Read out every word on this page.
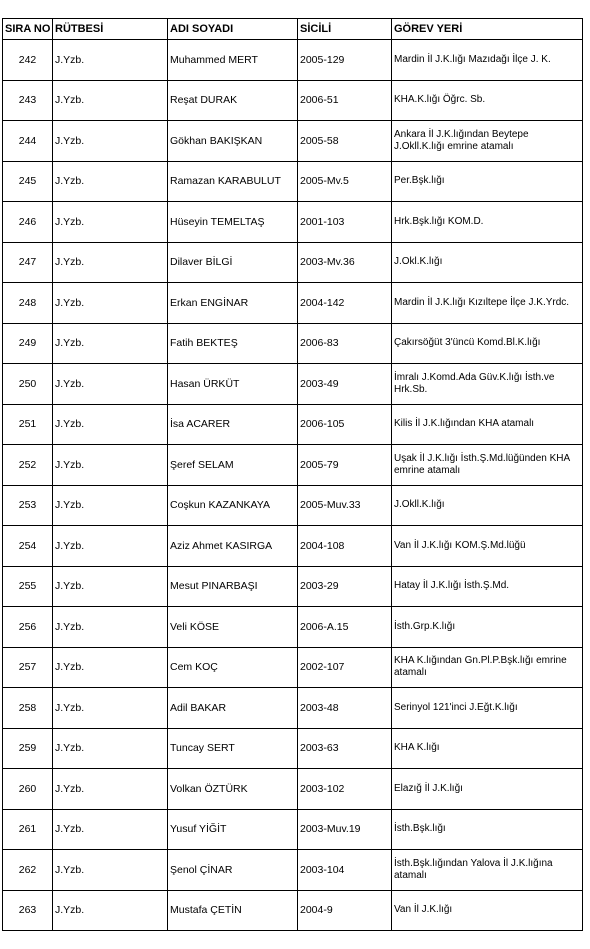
SIRA NO	RÜTBESİ	ADI SOYADI	SİCİLİ	GÖREV YERİ
242	J.Yzb.	Muhammed MERT	2005-129	Mardin İl J.K.lığı Mazıdağı İlçe J. K.
243	J.Yzb.	Reşat DURAK	2006-51	KHA.K.lığı Öğrc. Sb.
244	J.Yzb.	Gökhan BAKIŞKAN	2005-58	Ankara İl J.K.lığından Beytepe J.Okll.K.lığı emrine atamalı
245	J.Yzb.	Ramazan KARABULUT	2005-Mv.5	Per.Bşk.lığı
246	J.Yzb.	Hüseyin TEMELTAŞ	2001-103	Hrk.Bşk.lığı KOM.D.
247	J.Yzb.	Dilaver BİLGİ	2003-Mv.36	J.Okl.K.lığı
248	J.Yzb.	Erkan ENGİNAR	2004-142	Mardin İl J.K.lığı Kızıltepe İlçe J.K.Yrdc.
249	J.Yzb.	Fatih BEKTEŞ	2006-83	Çakırsöğüt 3'üncü Komd.Bl.K.lığı
250	J.Yzb.	Hasan ÜRKÜT	2003-49	İmralı J.Komd.Ada Güv.K.lığı İsth.ve Hrk.Sb.
251	J.Yzb.	İsa ACARER	2006-105	Kilis İl J.K.lığından KHA atamalı
252	J.Yzb.	Şeref SELAM	2005-79	Uşak İl J.K.lığı İsth.Ş.Md.lüğünden KHA emrine atamalı
253	J.Yzb.	Coşkun KAZANKAYA	2005-Muv.33	J.Okll.K.lığı
254	J.Yzb.	Aziz Ahmet KASIRGA	2004-108	Van İl J.K.lığı KOM.Ş.Md.lüğü
255	J.Yzb.	Mesut PINARBAŞI	2003-29	Hatay İl J.K.lığı İsth.Ş.Md.
256	J.Yzb.	Veli KÖSE	2006-A.15	İsth.Grp.K.lığı
257	J.Yzb.	Cem KOÇ	2002-107	KHA K.lığından Gn.Pl.P.Bşk.lığı emrine atamalı
258	J.Yzb.	Adil BAKAR	2003-48	Serinyol 121'inci J.Eğt.K.lığı
259	J.Yzb.	Tuncay SERT	2003-63	KHA K.lığı
260	J.Yzb.	Volkan ÖZTÜRK	2003-102	Elazığ İl J.K.lığı
261	J.Yzb.	Yusuf YİĞİT	2003-Muv.19	İsth.Bşk.lığı
262	J.Yzb.	Şenol ÇİNAR	2003-104	İsth.Bşk.lığından Yalova İl J.K.lığına atamalı
263	J.Yzb.	Mustafa ÇETİN	2004-9	Van İl J.K.lığı
